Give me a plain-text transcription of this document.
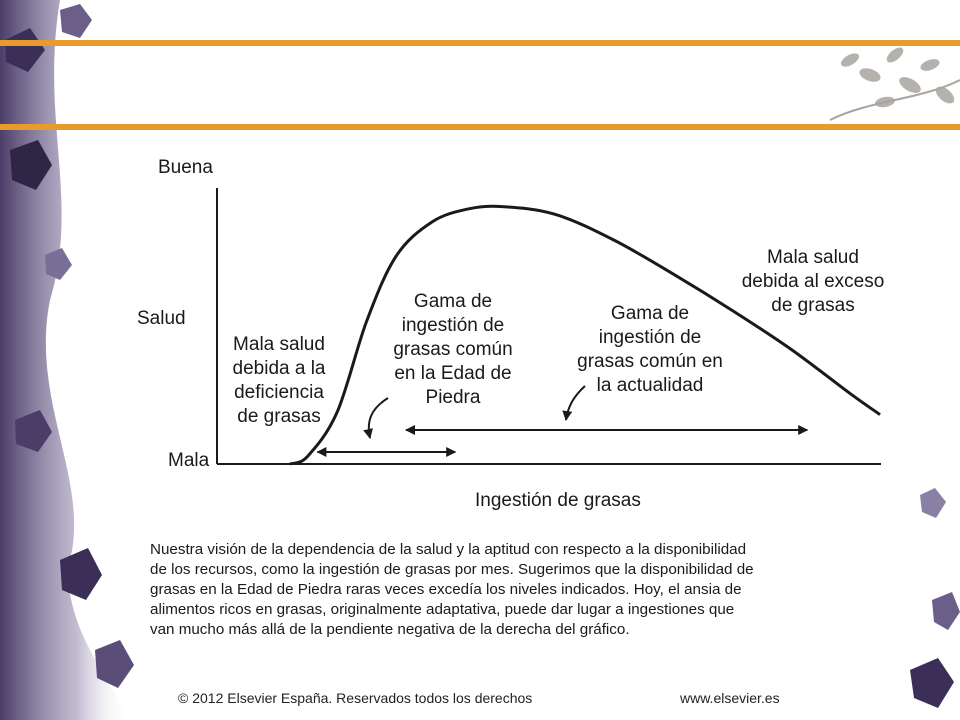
Buena
Salud
Mala
Ingestión de grasas
Mala salud
debida a la
deficiencia
de grasas
Gama de
ingestión de
grasas común
en la Edad de
Piedra
Gama de
ingestión de
grasas común en
la actualidad
Mala salud
debida al exceso
de grasas
Nuestra visión de la dependencia de la salud y la aptitud con respecto a la disponibilidad
de los recursos, como la ingestión de grasas por mes. Sugerimos que la disponibilidad de
grasas en la Edad de Piedra raras veces excedía los niveles indicados. Hoy, el ansia de
alimentos ricos en grasas, originalmente adaptativa, puede dar lugar a ingestiones que
van mucho más allá de la pendiente negativa de la derecha del gráfico.
© 2012 Elsevier España. Reservados todos los derechos	www.elsevier.es
